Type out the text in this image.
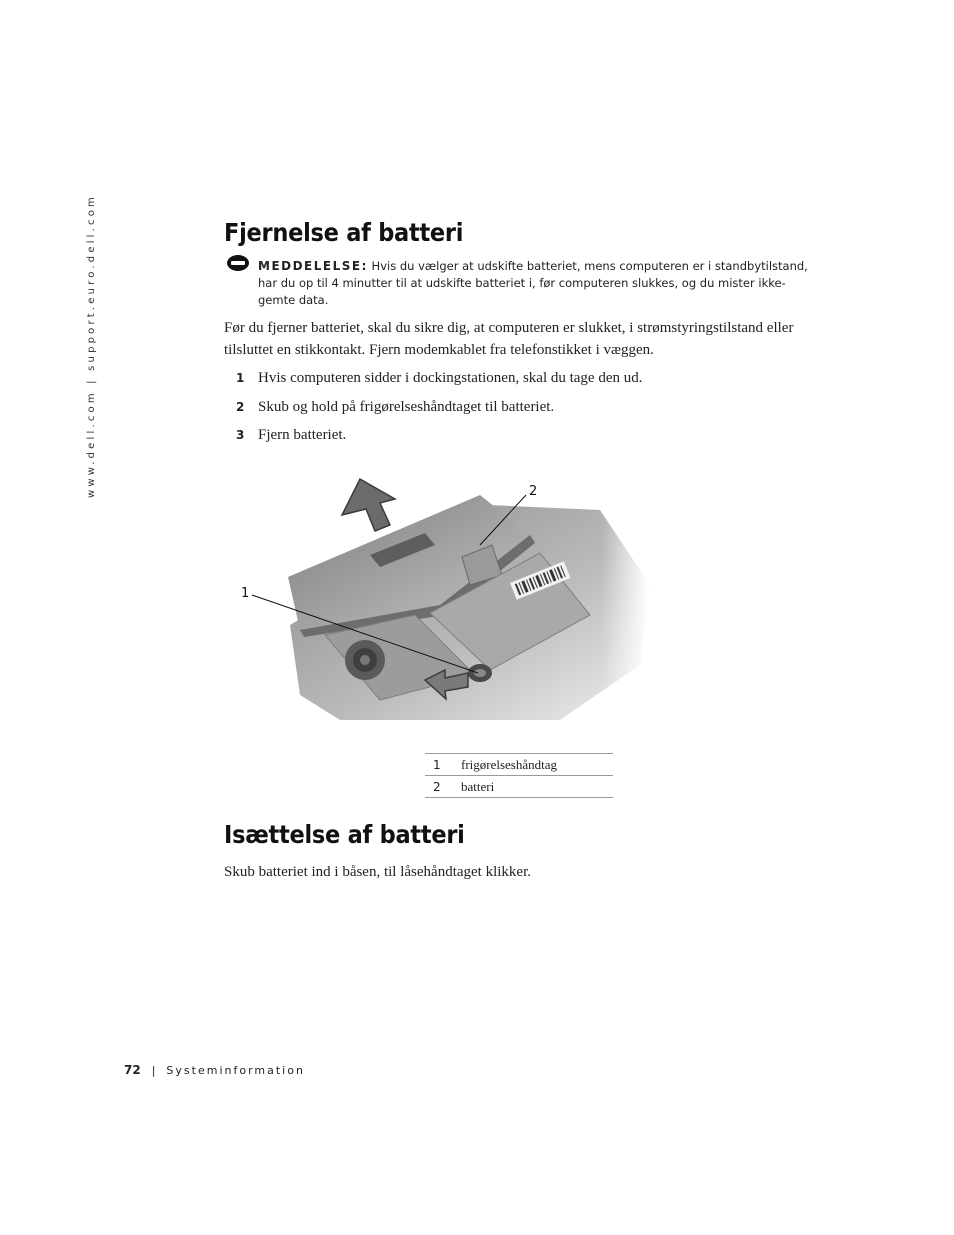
www.dell.com | support.euro.dell.com	Fjernelse af batteri
MEDDELELSE: Hvis du vælger at udskifte batteriet, mens computeren er i standbytilstand, har du op til 4 minutter til at udskifte batteriet i, før computeren slukkes, og du mister ikke-gemte data.
Før du fjerner batteriet, skal du sikre dig, at computeren er slukket, i strømstyringstilstand eller tilsluttet en stikkontakt. Fjern modemkablet fra telefonstikket i væggen.
1 Hvis computeren sidder i dockingstationen, skal du tage den ud.
2 Skub og hold på frigørelseshåndtaget til batteriet.
3 Fjern batteriet.
1
2
1	frigørelseshåndtag
2	batteri
Isættelse af batteri
Skub batteriet ind i båsen, til låsehåndtaget klikker.
72 | Systeminformation
